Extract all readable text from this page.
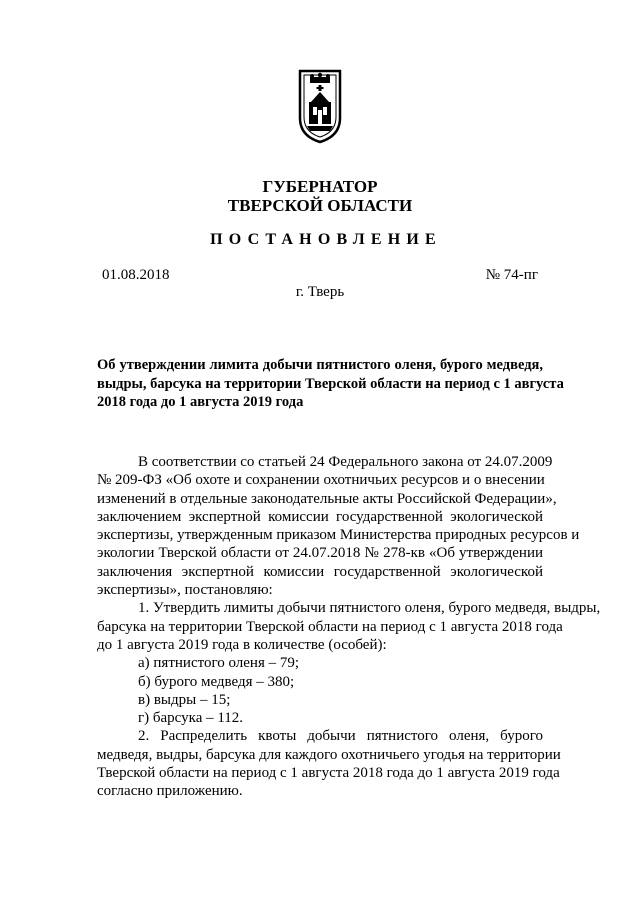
ГУБЕРНАТОР
ТВЕРСКОЙ ОБЛАСТИ
ПОСТАНОВЛЕНИЕ
01.08.2018	№ 74-пг
г. Тверь
Об утверждении лимита добычи пятнистого оленя, бурого медведя,
выдры, барсука на территории Тверской области на период с 1 августа
2018 года до 1 августа 2019 года
В соответствии со статьей 24 Федерального закона от 24.07.2009
№ 209-ФЗ «Об охоте и сохранении охотничьих ресурсов и о внесении
изменений в отдельные законодательные акты Российской Федерации»,
заключением экспертной комиссии государственной экологической
экспертизы, утвержденным приказом Министерства природных ресурсов и
экологии Тверской области от 24.07.2018 № 278-кв «Об утверждении
заключения экспертной комиссии государственной экологической
экспертизы», постановляю:
1. Утвердить лимиты добычи пятнистого оленя, бурого медведя, выдры,
барсука на территории Тверской области на период с 1 августа 2018 года
до 1 августа 2019 года в количестве (особей):
а) пятнистого оленя – 79;
б) бурого медведя – 380;
в) выдры – 15;
г) барсука – 112.
2. Распределить квоты добычи пятнистого оленя, бурого
медведя, выдры, барсука для каждого охотничьего угодья на территории
Тверской области на период с 1 августа 2018 года до 1 августа 2019 года
согласно приложению.
